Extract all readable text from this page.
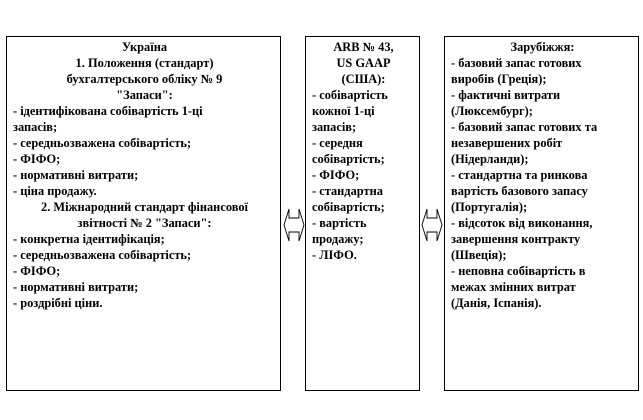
Україна
1. Положення (стандарт)
бухгалтерського обліку № 9
"Запаси":
- ідентифікована собівартість 1-ці
запасів;
- середньозважена собівартість;
- ФІФО;
- нормативні витрати;
- ціна продажу.
2. Міжнародний стандарт фінансової
звітності № 2 "Запаси":
- конкретна ідентифікація;
- середньозважена собівартість;
- ФІФО;
- нормативні витрати;
- роздрібні ціни.
ARB № 43,
US GAAP
(США):
- собівартість
кожної 1-ці
запасів;
- середня
собівартість;
- ФІФО;
- стандартна
собівартість;
- вартість
продажу;
- ЛІФО.
Зарубіжжя:
- базовий запас готових
виробів (Греція);
- фактичні витрати
(Люксембург);
- базовий запас готових та
незавершених робіт
(Нідерланди);
- стандартна та ринкова
вартість базового запасу
(Португалія);
- відсоток від виконання,
завершення контракту
(Швеція);
- неповна собівартість в
межах змінних витрат
(Данія, Іспанія).
